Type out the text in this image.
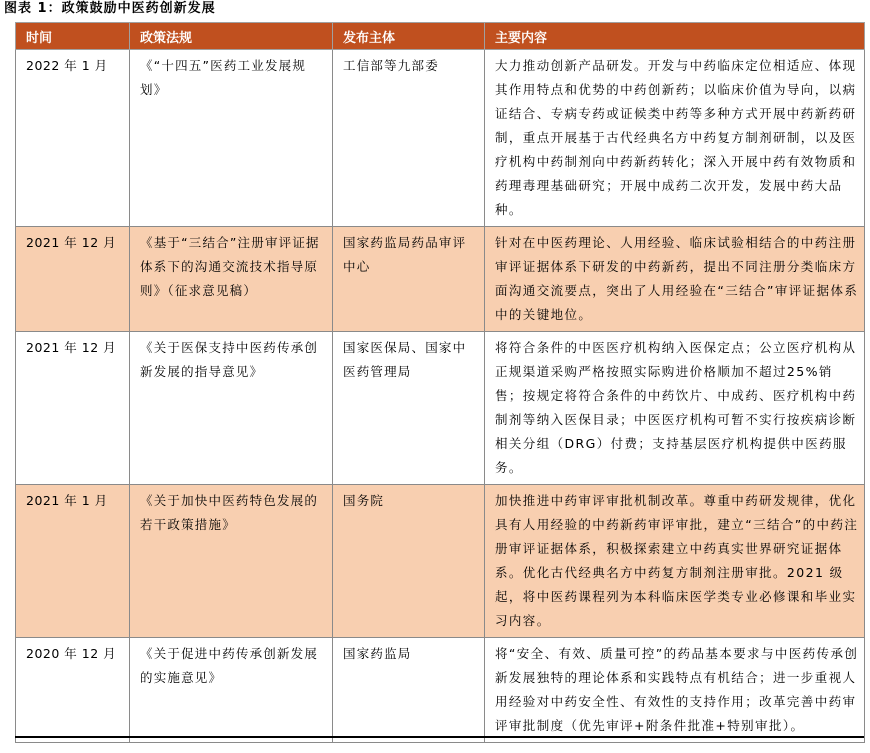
图表 1：政策鼓励中医药创新发展
时间	政策法规	发布主体	主要内容
2022 年 1 月	《“十四五”医药工业发展规划》	工信部等九部委	大力推动创新产品研发。开发与中药临床定位相适应、体现其作用特点和优势的中药创新药；以临床价值为导向，以病证结合、专病专药或证候类中药等多种方式开展中药新药研制，重点开展基于古代经典名方中药复方制剂研制，以及医疗机构中药制剂向中药新药转化；深入开展中药有效物质和药理毒理基础研究；开展中成药二次开发，发展中药大品种。
2021 年 12 月	《基于“三结合”注册审评证据体系下的沟通交流技术指导原则》（征求意见稿）	国家药监局药品审评中心	针对在中医药理论、人用经验、临床试验相结合的中药注册审评证据体系下研发的中药新药，提出不同注册分类临床方面沟通交流要点，突出了人用经验在“三结合”审评证据体系中的关键地位。
2021 年 12 月	《关于医保支持中医药传承创新发展的指导意见》	国家医保局、国家中医药管理局	将符合条件的中医医疗机构纳入医保定点；公立医疗机构从正规渠道采购严格按照实际购进价格顺加不超过25%销售；按规定将符合条件的中药饮片、中成药、医疗机构中药制剂等纳入医保目录；中医医疗机构可暂不实行按疾病诊断相关分组（DRG）付费；支持基层医疗机构提供中医药服务。
2021 年 1 月	《关于加快中医药特色发展的若干政策措施》	国务院	加快推进中药审评审批机制改革。尊重中药研发规律，优化具有人用经验的中药新药审评审批，建立“三结合”的中药注册审评证据体系，积极探索建立中药真实世界研究证据体系。优化古代经典名方中药复方制剂注册审批。2021 级起，将中医药课程列为本科临床医学类专业必修课和毕业实习内容。
2020 年 12 月	《关于促进中药传承创新发展的实施意见》	国家药监局	将“安全、有效、质量可控”的药品基本要求与中医药传承创新发展独特的理论体系和实践特点有机结合；进一步重视人用经验对中药安全性、有效性的支持作用；改革完善中药审评审批制度（优先审评+附条件批准+特别审批）。
